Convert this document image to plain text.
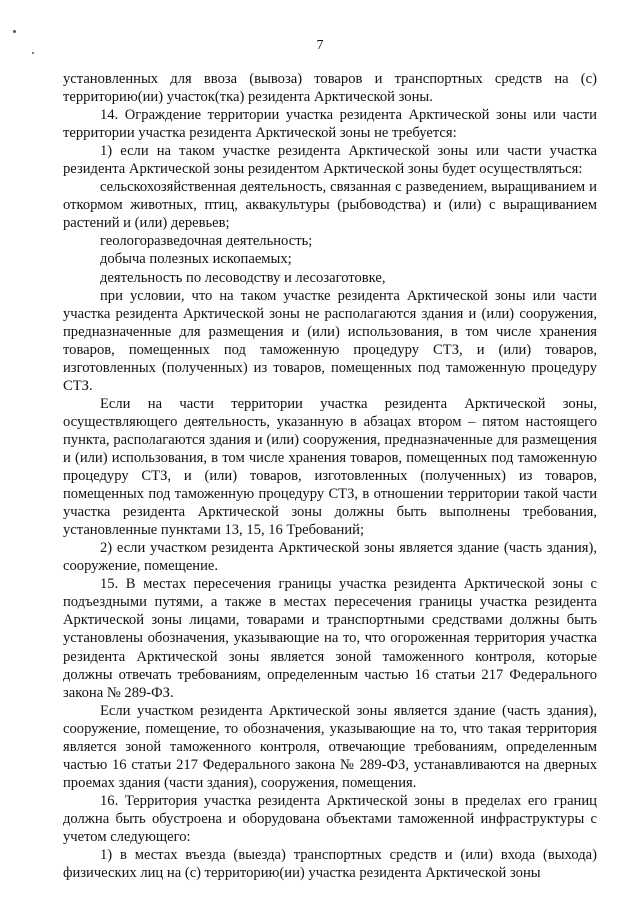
7

установленных для ввоза (вывоза) товаров и транспортных средств на (с) территорию(ии) участок(тка) резидента Арктической зоны.

14. Ограждение территории участка резидента Арктической зоны или части территории участка резидента Арктической зоны не требуется:

1) если на таком участке резидента Арктической зоны или части участка резидента Арктической зоны резидентом Арктической зоны будет осуществляться:

сельскохозяйственная деятельность, связанная с разведением, выращиванием и откормом животных, птиц, аквакультуры (рыбоводства) и (или) с выращиванием растений и (или) деревьев;

геологоразведочная деятельность;

добыча полезных ископаемых;

деятельность по лесоводству и лесозаготовке,

при условии, что на таком участке резидента Арктической зоны или части участка резидента Арктической зоны не располагаются здания и (или) сооружения, предназначенные для размещения и (или) использования, в том числе хранения товаров, помещенных под таможенную процедуру СТЗ, и (или) товаров, изготовленных (полученных) из товаров, помещенных под таможенную процедуру СТЗ.

Если на части территории участка резидента Арктической зоны, осуществляющего деятельность, указанную в абзацах втором – пятом настоящего пункта, располагаются здания и (или) сооружения, предназначенные для размещения и (или) использования, в том числе хранения товаров, помещенных под таможенную процедуру СТЗ, и (или) товаров, изготовленных (полученных) из товаров, помещенных под таможенную процедуру СТЗ, в отношении территории такой части участка резидента Арктической зоны должны быть выполнены требования, установленные пунктами 13, 15, 16 Требований;

2) если участком резидента Арктической зоны является здание (часть здания), сооружение, помещение.

15. В местах пересечения границы участка резидента Арктической зоны с подъездными путями, а также в местах пересечения границы участка резидента Арктической зоны лицами, товарами и транспортными средствами должны быть установлены обозначения, указывающие на то, что огороженная территория участка резидента Арктической зоны является зоной таможенного контроля, которые должны отвечать требованиям, определенным частью 16 статьи 217 Федерального закона № 289-ФЗ.

Если участком резидента Арктической зоны является здание (часть здания), сооружение, помещение, то обозначения, указывающие на то, что такая территория является зоной таможенного контроля, отвечающие требованиям, определенным частью 16 статьи 217 Федерального закона № 289-ФЗ, устанавливаются на дверных проемах здания (части здания), сооружения, помещения.

16. Территория участка резидента Арктической зоны в пределах его границ должна быть обустроена и оборудована объектами таможенной инфраструктуры с учетом следующего:

1) в местах въезда (выезда) транспортных средств и (или) входа (выхода) физических лиц на (с) территорию(ии) участка резидента Арктической зоны
